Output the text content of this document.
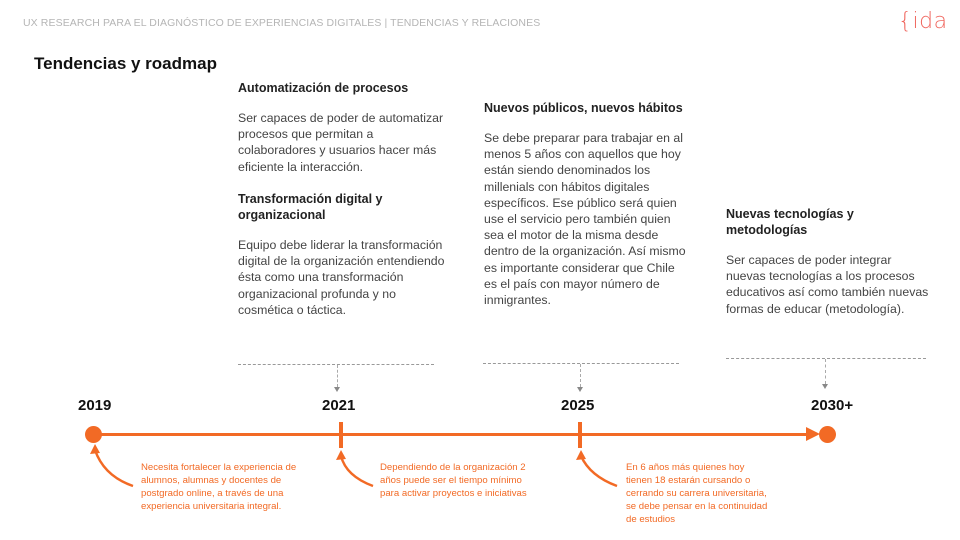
UX RESEARCH PARA EL DIAGNÓSTICO DE EXPERIENCIAS DIGITALES | TENDENCIAS Y RELACIONES	{ida
Tendencias y roadmap
Automatización de procesos

Ser capaces de poder de automatizar procesos que permitan a colaboradores y usuarios hacer más eficiente la interacción.

Transformación digital y organizacional

Equipo debe liderar la transformación digital de la organización entendiendo ésta como una transformación organizacional profunda y no cosmética o táctica.

Nuevos públicos, nuevos hábitos

Se debe preparar para trabajar en al menos 5 años con aquellos que hoy están siendo denominados los millenials con hábitos digitales específicos. Ese público será quien use el servicio pero también quien sea el motor de la misma desde dentro de la organización. Así mismo es importante considerar que Chile es el país con mayor número de inmigrantes.

Nuevas tecnologías y metodologías

Ser capaces de poder integrar nuevas tecnologías a los procesos educativos así como también nuevas formas de educar (metodología).

2019	2021	2025	2030+
Necesita fortalecer la experiencia de alumnos, alumnas y docentes de postgrado online, a través de una experiencia universitaria integral.
Dependiendo de la organización 2 años puede ser el tiempo mínimo para activar proyectos e iniciativas
En 6 años más quienes hoy tienen 18 estarán cursando o cerrando su carrera universitaria, se debe pensar en la continuidad de estudios
